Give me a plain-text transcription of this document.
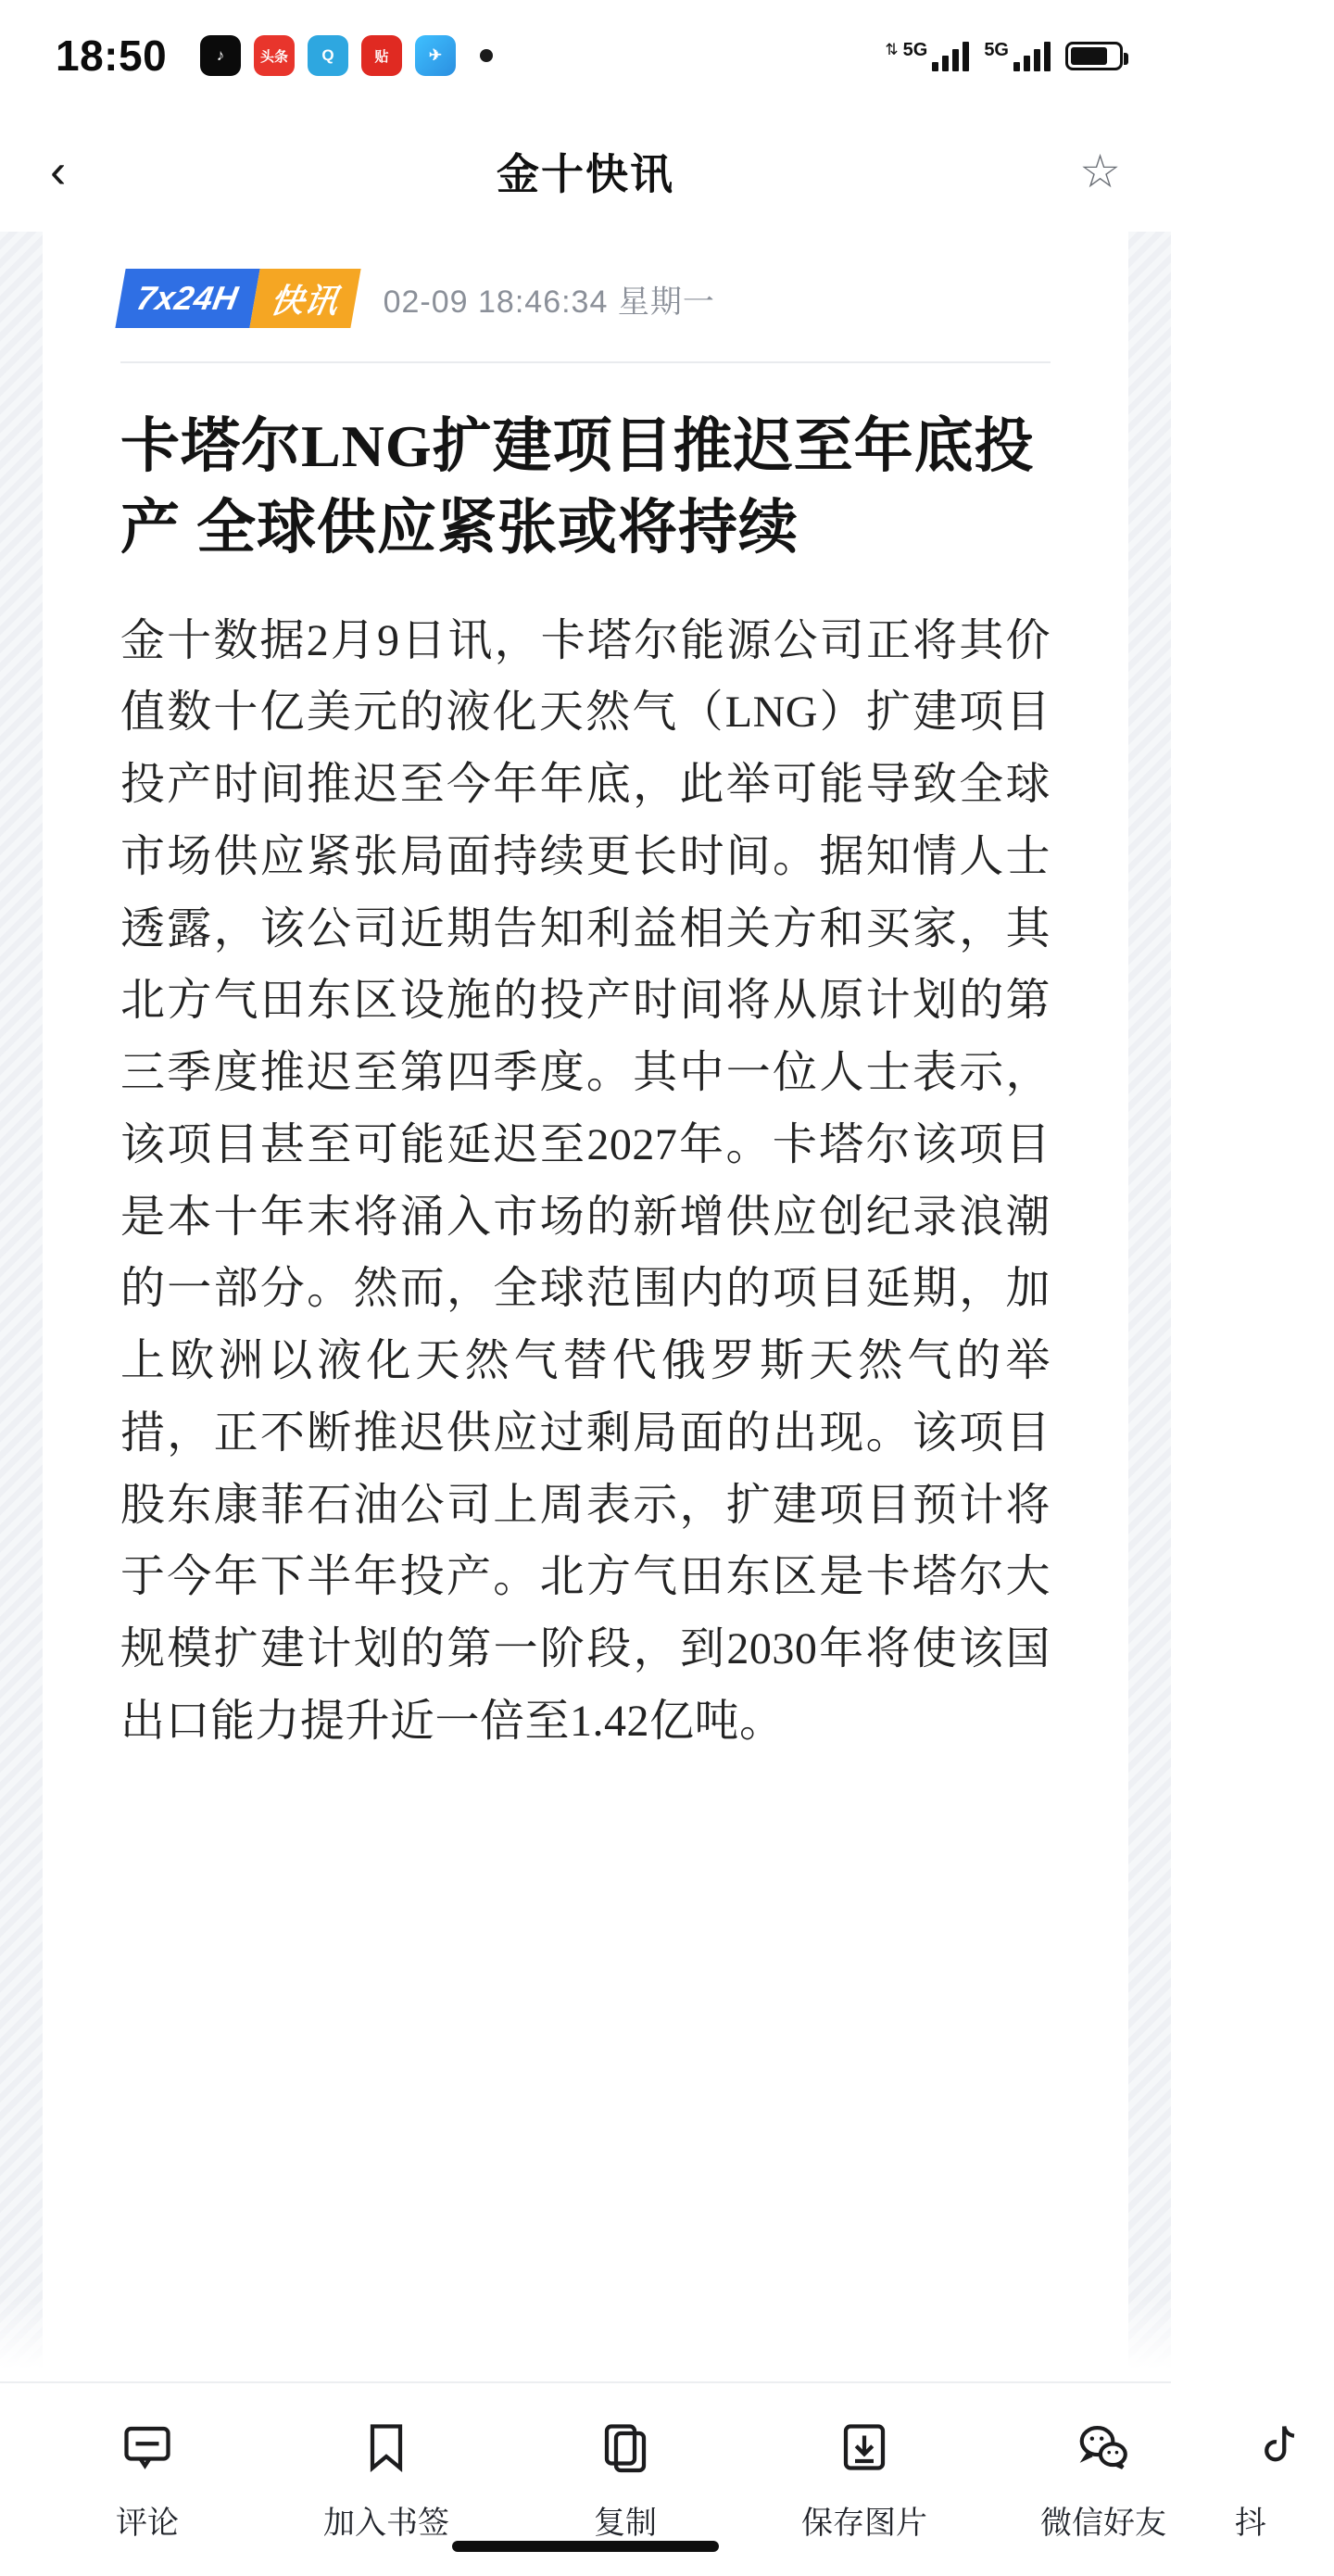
18:50	♪	头条	Q	贴	✈	⇅ 5G	5G
‹	金十快讯	☆
7x24H 快讯	02-09 18:46:34 星期一
卡塔尔LNG扩建项目推迟至年底投产 全球供应紧张或将持续
金十数据2月9日讯，卡塔尔能源公司正将其价值数十亿美元的液化天然气（LNG）扩建项目投产时间推迟至今年年底，此举可能导致全球市场供应紧张局面持续更长时间。据知情人士透露，该公司近期告知利益相关方和买家，其北方气田东区设施的投产时间将从原计划的第三季度推迟至第四季度。其中一位人士表示，该项目甚至可能延迟至2027年。卡塔尔该项目是本十年末将涌入市场的新增供应创纪录浪潮的一部分。然而，全球范围内的项目延期，加上欧洲以液化天然气替代俄罗斯天然气的举措，正不断推迟供应过剩局面的出现。该项目股东康菲石油公司上周表示，扩建项目预计将于今年下半年投产。北方气田东区是卡塔尔大规模扩建计划的第一阶段，到2030年将使该国出口能力提升近一倍至1.42亿吨。
评论	加入书签	复制	保存图片	微信好友 抖
